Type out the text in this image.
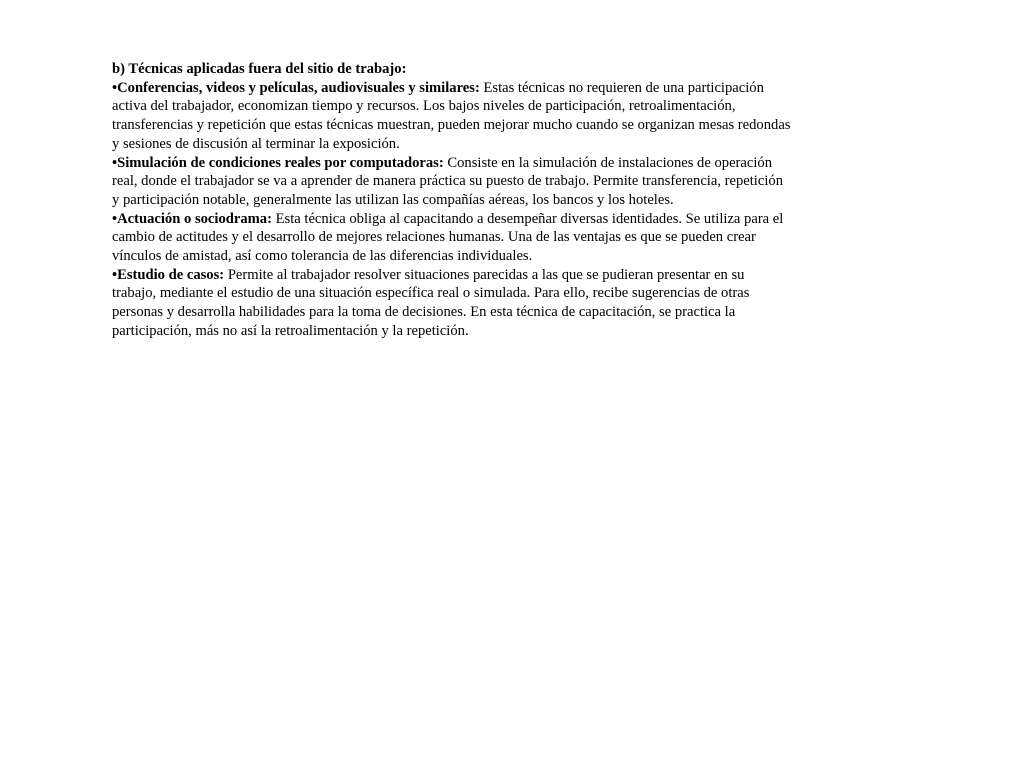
b) Técnicas aplicadas fuera del sitio de trabajo:

•Conferencias, videos y películas, audiovisuales y similares: Estas técnicas no requieren de una participación activa del trabajador, economizan tiempo y recursos. Los bajos niveles de participación, retroalimentación, transferencias y repetición que estas técnicas muestran, pueden mejorar mucho cuando se organizan mesas redondas y sesiones de discusión al terminar la exposición.

•Simulación de condiciones reales por computadoras: Consiste en la simulación de instalaciones de operación real, donde el trabajador se va a aprender de manera práctica su puesto de trabajo. Permite transferencia, repetición y participación notable, generalmente las utilizan las compañías aéreas, los bancos y los hoteles.

•Actuación o sociodrama: Esta técnica obliga al capacitando a desempeñar diversas identidades. Se utiliza para el cambio de actitudes y el desarrollo de mejores relaciones humanas. Una de las ventajas es que se pueden crear vínculos de amistad, así como tolerancia de las diferencias individuales.

•Estudio de casos: Permite al trabajador resolver situaciones parecidas a las que se pudieran presentar en su trabajo, mediante el estudio de una situación específica real o simulada. Para ello, recibe sugerencias de otras personas y desarrolla habilidades para la toma de decisiones. En esta técnica de capacitación, se practica la participación, más no así la retroalimentación y la repetición.
